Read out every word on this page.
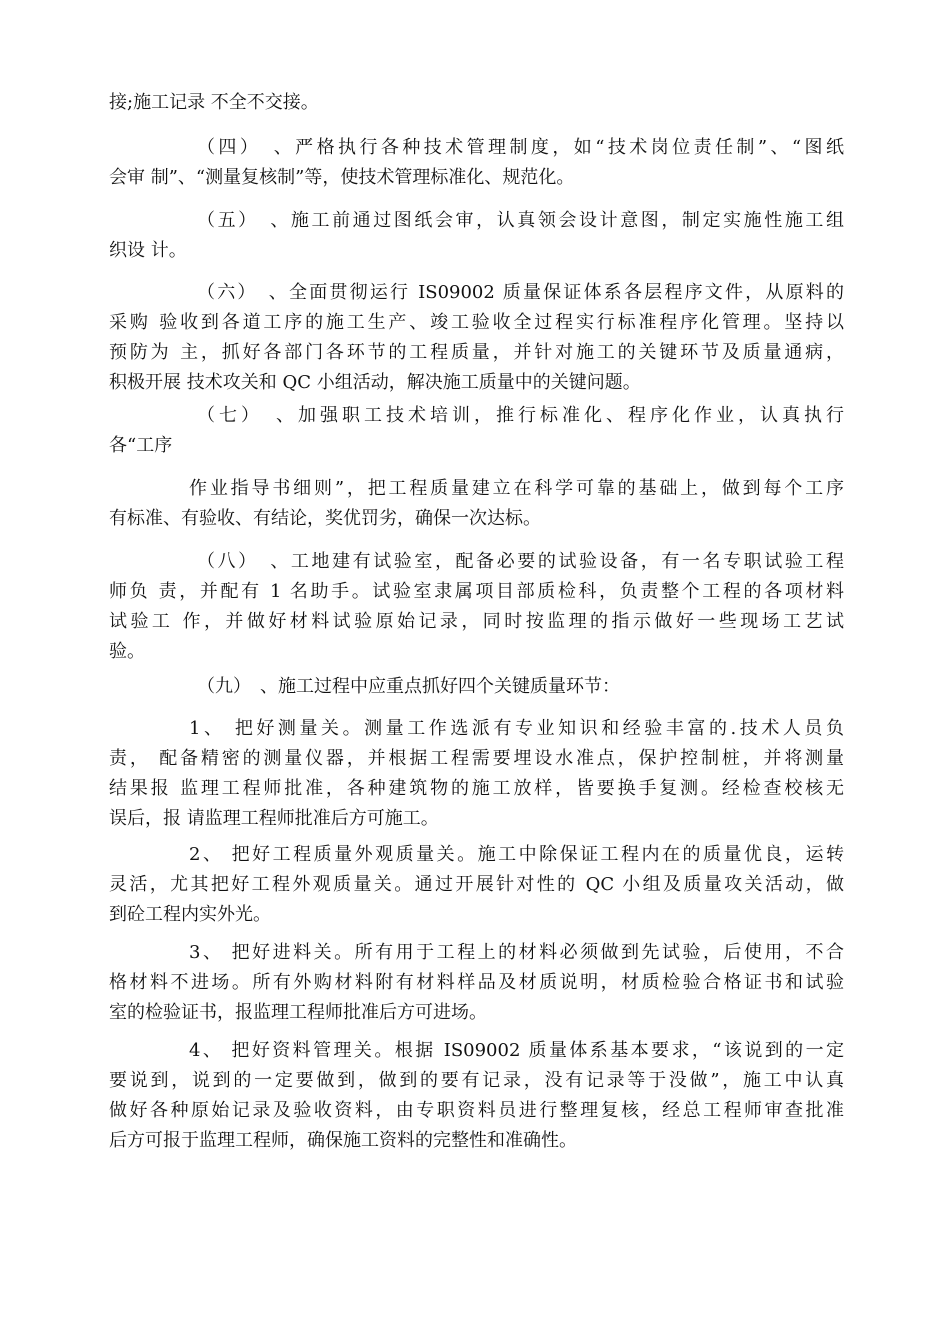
接;施工记录 不全不交接。
（四）　、严格执行各种技术管理制度，如“技术岗位责任制”、“图纸
会审 制”、“测量复核制”等，使技术管理标准化、规范化。
（五）　、施工前通过图纸会审，认真领会设计意图，制定实施性施工组
织设 计。
（六）　、全面贯彻运行 IS09002 质量保证体系各层程序文件，从原料的
采购 验收到各道工序的施工生产、竣工验收全过程实行标准程序化管理。坚持以
预防为 主，抓好各部门各环节的工程质量，并针对施工的关键环节及质量通病，
积极开展 技术攻关和 QC 小组活动，解决施工质量中的关键问题。
（七）　、加强职工技术培训，推行标准化、程序化作业，认真执行
各“工序
作业指导书细则”，把工程质量建立在科学可靠的基础上，做到每个工序
有标准、有验收、有结论，奖优罚劣，确保一次达标。
（八）　、工地建有试验室，配备必要的试验设备，有一名专职试验工程
师负 责，并配有 1 名助手。试验室隶属项目部质检科，负责整个工程的各项材料
试验工 作，并做好材料试验原始记录，同时按监理的指示做好一些现场工艺试
验。
（九）　、施工过程中应重点抓好四个关键质量环节：
1、 把好测量关。测量工作选派有专业知识和经验丰富的.技术人员负
责， 配备精密的测量仪器，并根据工程需要埋设水准点，保护控制桩，并将测量
结果报 监理工程师批准，各种建筑物的施工放样，皆要换手复测。经检查校核无
误后，报 请监理工程师批准后方可施工。
2、 把好工程质量外观质量关。施工中除保证工程内在的质量优良，运转
灵活，尤其把好工程外观质量关。通过开展针对性的 QC 小组及质量攻关活动，做
到砼工程内实外光。
3、 把好进料关。所有用于工程上的材料必须做到先试验，后使用，不合
格材料不进场。所有外购材料附有材料样品及材质说明，材质检验合格证书和试验
室的检验证书，报监理工程师批准后方可进场。
4、 把好资料管理关。根据 IS09002 质量体系基本要求，“该说到的一定
要说到，说到的一定要做到，做到的要有记录，没有记录等于没做”，施工中认真
做好各种原始记录及验收资料，由专职资料员进行整理复核，经总工程师审查批准
后方可报于监理工程师，确保施工资料的完整性和准确性。
